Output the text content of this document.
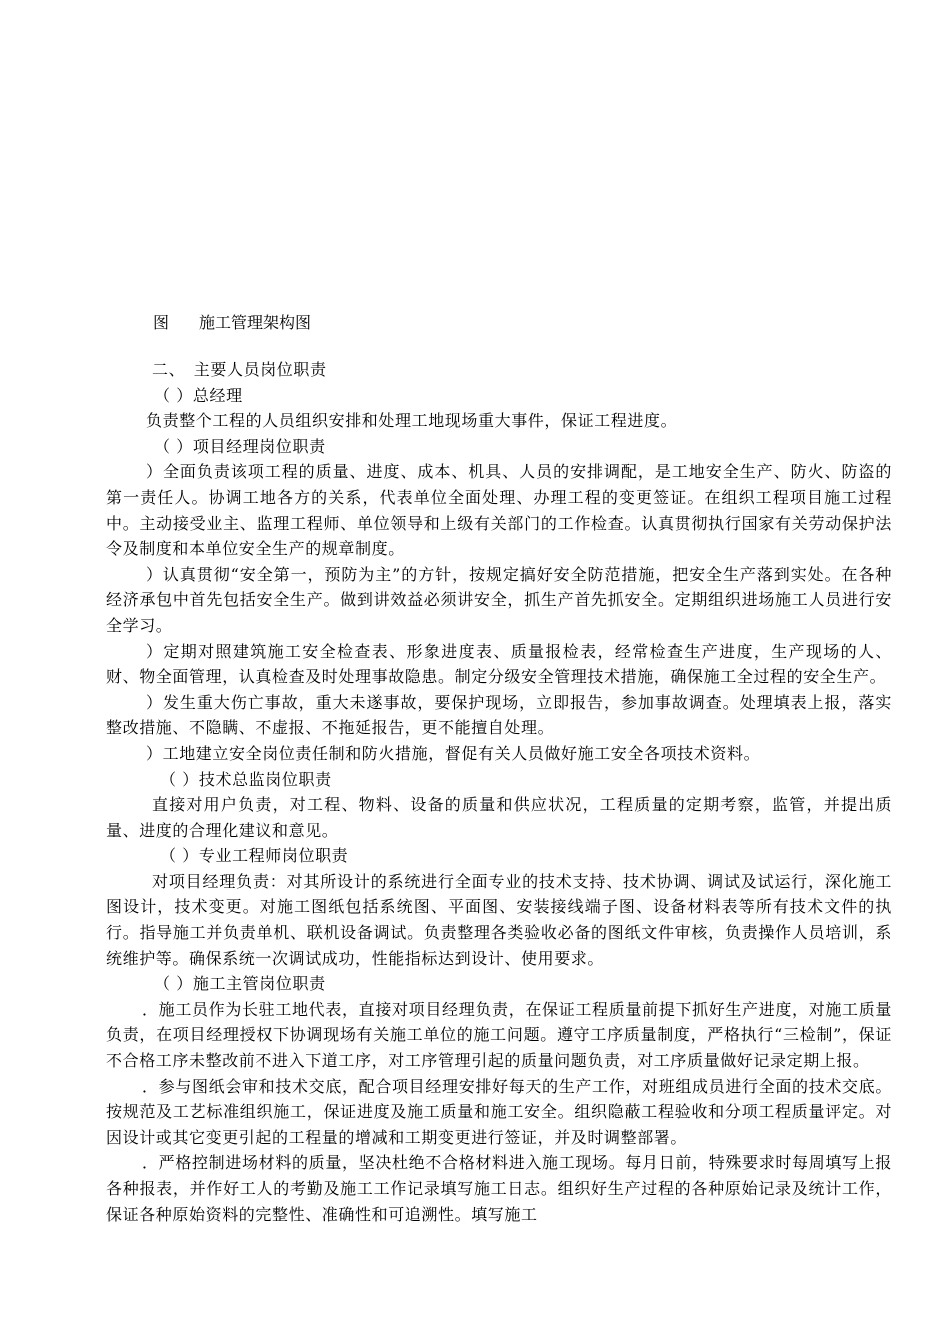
图 施工管理架构图

二、　主要人员岗位职责

（ ）总经理

负责整个工程的人员组织安排和处理工地现场重大事件，保证工程进度。

（ ）项目经理岗位职责

）全面负责该项工程的质量、进度、成本、机具、人员的安排调配，是工地安全生产、防火、防盗的第一责任人。协调工地各方的关系，代表单位全面处理、办理工程的变更签证。在组织工程项目施工过程中。主动接受业主、监理工程师、单位领导和上级有关部门的工作检查。认真贯彻执行国家有关劳动保护法令及制度和本单位安全生产的规章制度。

）认真贯彻“安全第一，预防为主”的方针，按规定搞好安全防范措施，把安全生产落到实处。在各种经济承包中首先包括安全生产。做到讲效益必须讲安全，抓生产首先抓安全。定期组织进场施工人员进行安全学习。

）定期对照建筑施工安全检查表、形象进度表、质量报检表，经常检查生产进度，生产现场的人、财、物全面管理，认真检查及时处理事故隐患。制定分级安全管理技术措施，确保施工全过程的安全生产。

）发生重大伤亡事故，重大未遂事故，要保护现场，立即报告，参加事故调查。处理填表上报，落实整改措施、不隐瞒、不虚报、不拖延报告，更不能擅自处理。

）工地建立安全岗位责任制和防火措施，督促有关人员做好施工安全各项技术资料。

（ ）技术总监岗位职责

直接对用户负责，对工程、物料、设备的质量和供应状况，工程质量的定期考察，监管，并提出质量、进度的合理化建议和意见。

（ ）专业工程师岗位职责

对项目经理负责：对其所设计的系统进行全面专业的技术支持、技术协调、调试及试运行，深化施工图设计，技术变更。对施工图纸包括系统图、平面图、安装接线端子图、设备材料表等所有技术文件的执行。指导施工并负责单机、联机设备调试。负责整理各类验收必备的图纸文件审核，负责操作人员培训，系统维护等。确保系统一次调试成功，性能指标达到设计、使用要求。

（ ）施工主管岗位职责

．施工员作为长驻工地代表，直接对项目经理负责，在保证工程质量前提下抓好生产进度，对施工质量负责，在项目经理授权下协调现场有关施工单位的施工问题。遵守工序质量制度，严格执行“三检制”，保证不合格工序未整改前不进入下道工序，对工序管理引起的质量问题负责，对工序质量做好记录定期上报。

．参与图纸会审和技术交底，配合项目经理安排好每天的生产工作，对班组成员进行全面的技术交底。按规范及工艺标准组织施工，保证进度及施工质量和施工安全。组织隐蔽工程验收和分项工程质量评定。对因设计或其它变更引起的工程量的增减和工期变更进行签证，并及时调整部署。

．严格控制进场材料的质量，坚决杜绝不合格材料进入施工现场。每月日前，特殊要求时每周填写上报各种报表，并作好工人的考勤及施工工作记录填写施工日志。组织好生产过程的各种原始记录及统计工作，保证各种原始资料的完整性、准确性和可追溯性。填写施工
